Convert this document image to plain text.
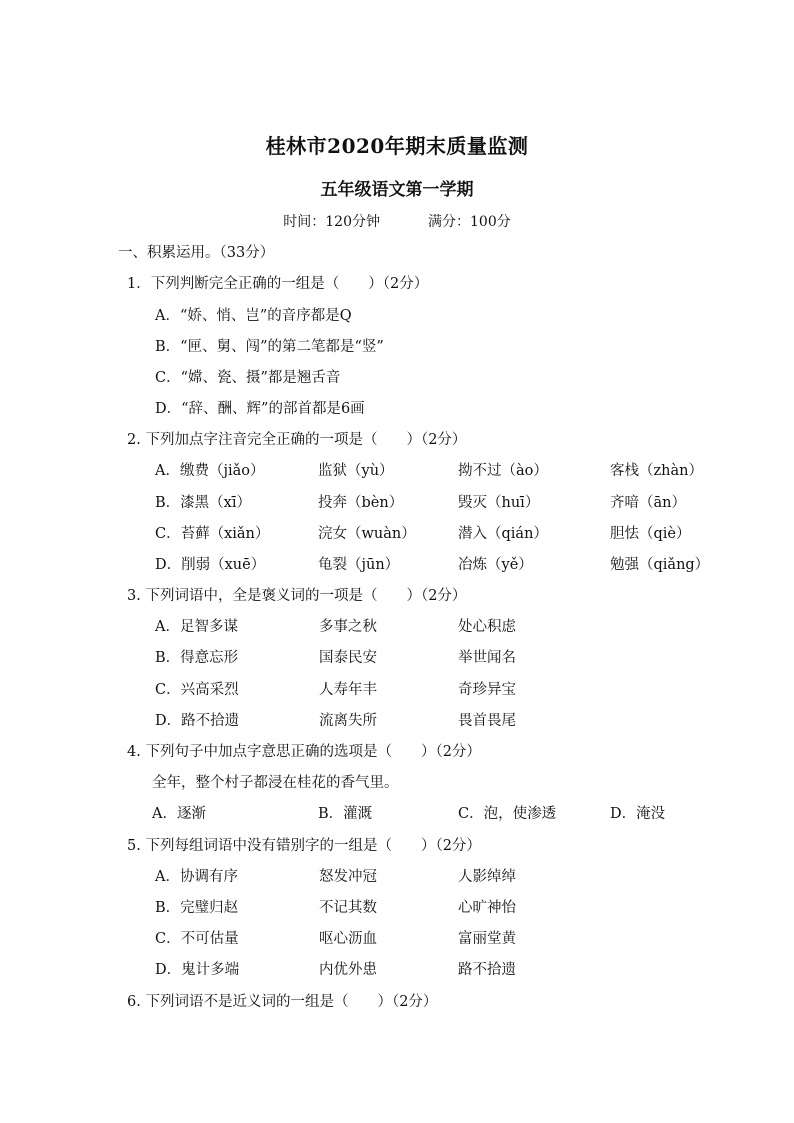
桂林市2020年期末质量监测
五年级语文第一学期
时间：120分钟	满分：100分
一、积累运用。（33分）
1．下列判断完全正确的一组是（　　）（2分）
A．“娇、悄、岂”的音序都是Q
B．“匣、舅、闯”的第二笔都是“竖”
C．“嫦、瓷、摄”都是翘舌音
D．“辞、酬、辉”的部首都是6画
2. 下列加点字注音完全正确的一项是（　　）（2分）
A．缴费（jiǎo）	监狱（yù）	拗不过（ào）	客栈（zhàn）
B．漆黑（xī）	投奔（bèn）	毁灭（huī）	齐喑（ān）
C．苔藓（xiǎn）	浣女（wuàn）	潜入（qián）	胆怯（qiè）
D．削弱（xuē）	龟裂（jūn）	冶炼（yě）	勉强（qiǎng）
3. 下列词语中，全是褒义词的一项是（　　）（2分）
A．足智多谋	多事之秋	处心积虑
B．得意忘形	国泰民安	举世闻名
C．兴高采烈	人寿年丰	奇珍异宝
D．路不拾遗	流离失所	畏首畏尾
4. 下列句子中加点字意思正确的选项是（　　）（2分）
全年，整个村子都浸在桂花的香气里。
A．逐渐	B．灌溉	C．泡，使渗透	D．淹没
5. 下列每组词语中没有错别字的一组是（　　）（2分）
A．协调有序	怒发冲冠	人影绰绰
B．完璧归赵	不记其数	心旷神怡
C．不可估量	呕心沥血	富丽堂黄
D．鬼计多端	内优外患	路不拾遗
6. 下列词语不是近义词的一组是（　　）（2分）
